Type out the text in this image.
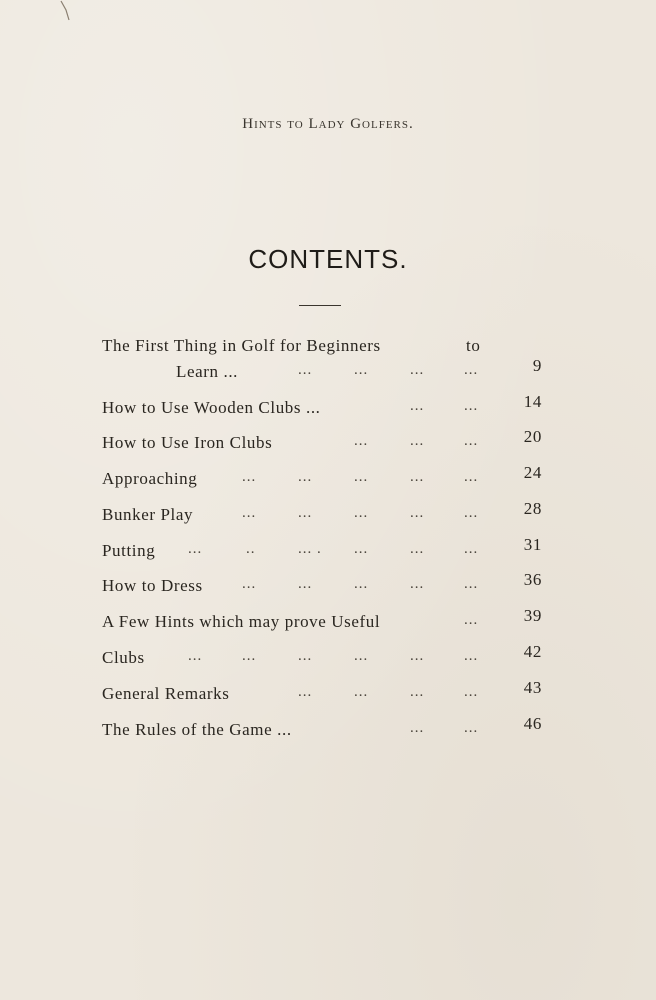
Hints to Lady Golfers.
CONTENTS.
The First Thing in Golf for Beginners	to
Learn ...	...	...	...	...	9
How to Use Wooden Clubs ...	...	...	14
How to Use Iron Clubs	...	...	...	20
Approaching	...	...	...	...	...	24
Bunker Play	...	...	...	...	...	28
Putting ...	..	... . ...	...	...	31
How to Dress	...	...	...	...	...	36
A Few Hints which may prove Useful	...	39
Clubs	...	...	...	...	...	...	42
General Remarks	...	...	...	...	43
The Rules of the Game ...	...	...	46
